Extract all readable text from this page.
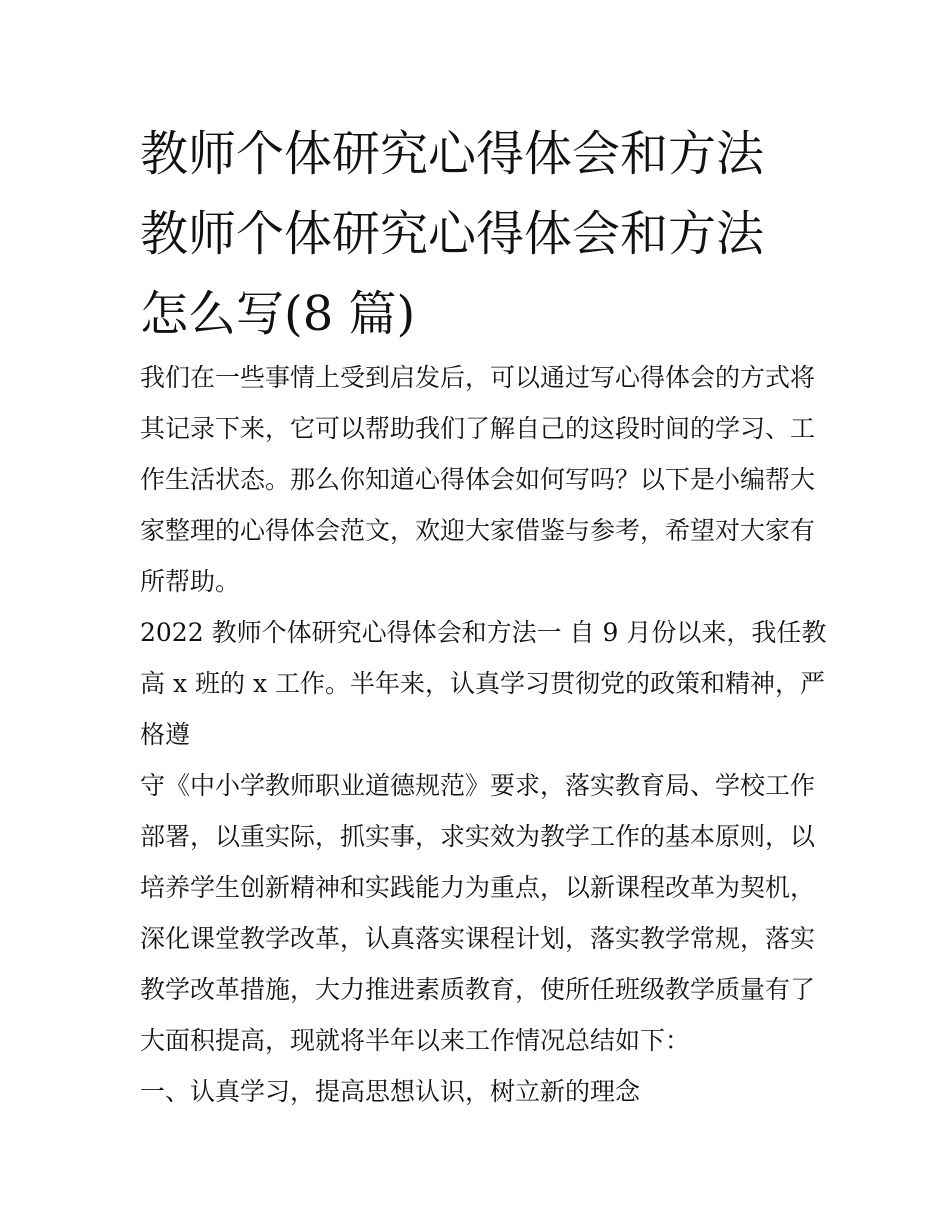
教师个体研究心得体会和方法
教师个体研究心得体会和方法
怎么写(8 篇)
我们在一些事情上受到启发后，可以通过写心得体会的方式将
其记录下来，它可以帮助我们了解自己的这段时间的学习、工
作生活状态。那么你知道心得体会如何写吗？以下是小编帮大
家整理的心得体会范文，欢迎大家借鉴与参考，希望对大家有
所帮助。
2022 教师个体研究心得体会和方法一 自 9 月份以来，我任教
高 x 班的 x 工作。半年来，认真学习贯彻党的政策和精神，严
格遵
守《中小学教师职业道德规范》要求，落实教育局、学校工作
部署，以重实际，抓实事，求实效为教学工作的基本原则，以
培养学生创新精神和实践能力为重点，以新课程改革为契机，
深化课堂教学改革，认真落实课程计划，落实教学常规，落实
教学改革措施，大力推进素质教育，使所任班级教学质量有了
大面积提高，现就将半年以来工作情况总结如下：
一、认真学习，提高思想认识，树立新的理念
